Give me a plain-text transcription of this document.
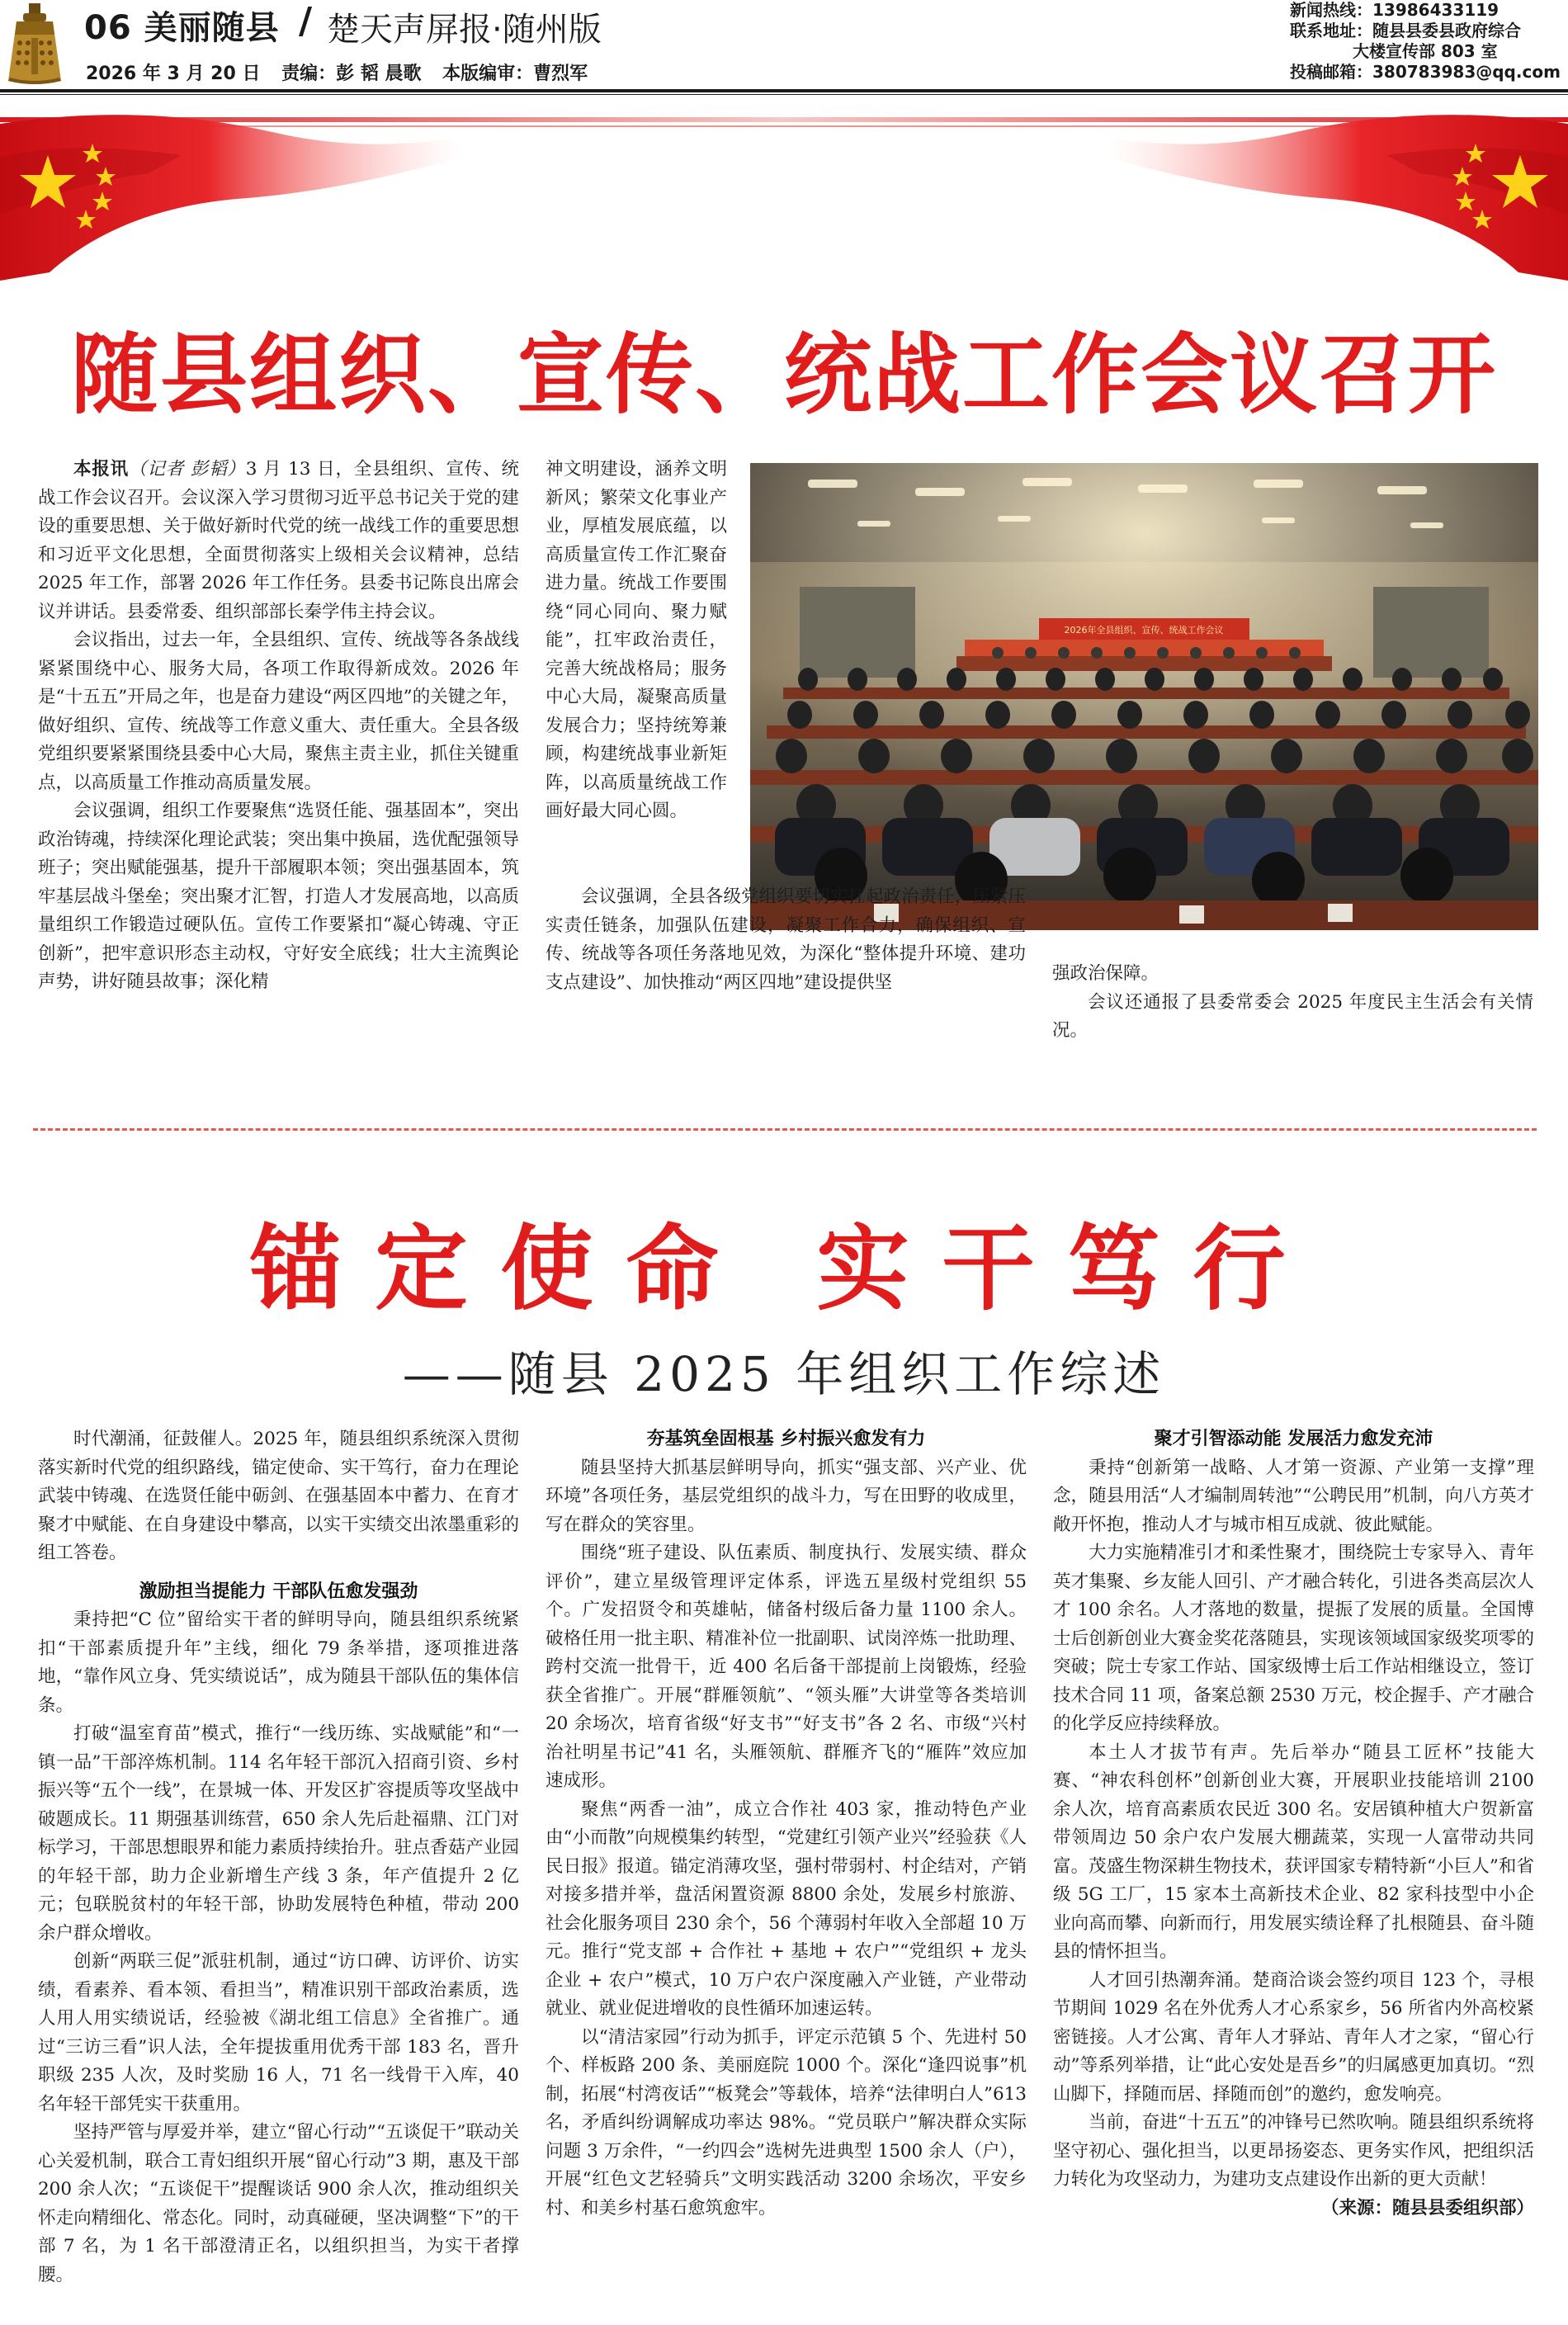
06 美丽随县 / 楚天声屏报·随州版
2026 年 3 月 20 日 责编：彭 韬 晨歌 本版编审：曹烈军
新闻热线：13986433119
联系地址：随县县委县政府综合
大楼宣传部 803 室
投稿邮箱：380783983@qq.com
随县组织、宣传、统战工作会议召开

本报讯（记者 彭韬）3 月 13 日，全县组织、宣传、统战工作会议召开。会议深入学习贯彻习近平总书记关于党的建设的重要思想、关于做好新时代党的统一战线工作的重要思想和习近平文化思想，全面贯彻落实上级相关会议精神，总结 2025 年工作，部署 2026 年工作任务。县委书记陈良出席会议并讲话。县委常委、组织部部长秦学伟主持会议。

会议指出，过去一年，全县组织、宣传、统战等各条战线紧紧围绕中心、服务大局，各项工作取得新成效。2026 年是“十五五”开局之年，也是奋力建设“两区四地”的关键之年，做好组织、宣传、统战等工作意义重大、责任重大。全县各级党组织要紧紧围绕县委中心大局，聚焦主责主业，抓住关键重点，以高质量工作推动高质量发展。

会议强调，组织工作要聚焦“选贤任能、强基固本”，突出政治铸魂，持续深化理论武装；突出集中换届，选优配强领导班子；突出赋能强基，提升干部履职本领；突出强基固本，筑牢基层战斗堡垒；突出聚才汇智，打造人才发展高地，以高质量组织工作锻造过硬队伍。宣传工作要紧扣“凝心铸魂、守正创新”，把牢意识形态主动权，守好安全底线；壮大主流舆论声势，讲好随县故事；深化精

神文明建设，涵养文明新风；繁荣文化事业产业，厚植发展底蕴，以高质量宣传工作汇聚奋进力量。统战工作要围绕“同心同向、聚力赋能”，扛牢政治责任，完善大统战格局；服务中心大局，凝聚高质量发展合力；坚持统筹兼顾，构建统战事业新矩阵，以高质量统战工作画好最大同心圆。

2026年全县组织、宣传、统战工作会议

会议强调，全县各级党组织要切实扛起政治责任，压紧压实责任链条，加强队伍建设，凝聚工作合力，确保组织、宣传、统战等各项任务落地见效，为深化“整体提升环境、建功支点建设”、加快推动“两区四地”建设提供坚	强政治保障。

会议还通报了县委常委会 2025 年度民主生活会有关情况。

锚定使命 实干笃行
——随县 2025 年组织工作综述

时代潮涌，征鼓催人。2025 年，随县组织系统深入贯彻落实新时代党的组织路线，锚定使命、实干笃行，奋力在理论武装中铸魂、在选贤任能中砺剑、在强基固本中蓄力、在育才聚才中赋能、在自身建设中攀高，以实干实绩交出浓墨重彩的组工答卷。

激励担当提能力 干部队伍愈发强劲

秉持把“C 位”留给实干者的鲜明导向，随县组织系统紧扣“干部素质提升年”主线，细化 79 条举措，逐项推进落地，“靠作风立身、凭实绩说话”，成为随县干部队伍的集体信条。

打破“温室育苗”模式，推行“一线历练、实战赋能”和“一镇一品”干部淬炼机制。114 名年轻干部沉入招商引资、乡村振兴等“五个一线”，在景城一体、开发区扩容提质等攻坚战中破题成长。11 期强基训练营，650 余人先后赴福鼎、江门对标学习，干部思想眼界和能力素质持续抬升。驻点香菇产业园的年轻干部，助力企业新增生产线 3 条，年产值提升 2 亿元；包联脱贫村的年轻干部，协助发展特色种植，带动 200 余户群众增收。

创新“两联三促”派驻机制，通过“访口碑、访评价、访实绩，看素养、看本领、看担当”，精准识别干部政治素质，选人用人用实绩说话，经验被《湖北组工信息》全省推广。通过“三访三看”识人法，全年提拔重用优秀干部 183 名，晋升职级 235 人次，及时奖励 16 人，71 名一线骨干入库，40 名年轻干部凭实干获重用。

坚持严管与厚爱并举，建立“留心行动”“五谈促干”联动关心关爱机制，联合工青妇组织开展“留心行动”3 期，惠及干部 200 余人次；“五谈促干”提醒谈话 900 余人次，推动组织关怀走向精细化、常态化。同时，动真碰硬，坚决调整“下”的干部 7 名，为 1 名干部澄清正名，以组织担当，为实干者撑腰。

夯基筑垒固根基 乡村振兴愈发有力

随县坚持大抓基层鲜明导向，抓实“强支部、兴产业、优环境”各项任务，基层党组织的战斗力，写在田野的收成里，写在群众的笑容里。

围绕“班子建设、队伍素质、制度执行、发展实绩、群众评价”，建立星级管理评定体系，评选五星级村党组织 55 个。广发招贤令和英雄帖，储备村级后备力量 1100 余人。破格任用一批主职、精准补位一批副职、试岗淬炼一批助理、跨村交流一批骨干，近 400 名后备干部提前上岗锻炼，经验获全省推广。开展“群雁领航”、“领头雁”大讲堂等各类培训 20 余场次，培育省级“好支书”“好支书”各 2 名、市级“兴村治社明星书记”41 名，头雁领航、群雁齐飞的“雁阵”效应加速成形。

聚焦“两香一油”，成立合作社 403 家，推动特色产业由“小而散”向规模集约转型，“党建红引领产业兴”经验获《人民日报》报道。锚定消薄攻坚，强村带弱村、村企结对，产销对接多措并举，盘活闲置资源 8800 余处，发展乡村旅游、社会化服务项目 230 余个，56 个薄弱村年收入全部超 10 万元。推行“党支部 + 合作社 + 基地 + 农户”“党组织 + 龙头企业 + 农户”模式，10 万户农户深度融入产业链，产业带动就业、就业促进增收的良性循环加速运转。

以“清洁家园”行动为抓手，评定示范镇 5 个、先进村 50 个、样板路 200 条、美丽庭院 1000 个。深化“逢四说事”机制，拓展“村湾夜话”“板凳会”等载体，培养“法律明白人”613 名，矛盾纠纷调解成功率达 98%。“党员联户”解决群众实际问题 3 万余件，“一约四会”选树先进典型 1500 余人（户），开展“红色文艺轻骑兵”文明实践活动 3200 余场次，平安乡村、和美乡村基石愈筑愈牢。

聚才引智添动能 发展活力愈发充沛

秉持“创新第一战略、人才第一资源、产业第一支撑”理念，随县用活“人才编制周转池”“公聘民用”机制，向八方英才敞开怀抱，推动人才与城市相互成就、彼此赋能。

大力实施精准引才和柔性聚才，围绕院士专家导入、青年英才集聚、乡友能人回引、产才融合转化，引进各类高层次人才 100 余名。人才落地的数量，提振了发展的质量。全国博士后创新创业大赛金奖花落随县，实现该领域国家级奖项零的突破；院士专家工作站、国家级博士后工作站相继设立，签订技术合同 11 项，备案总额 2530 万元，校企握手、产才融合的化学反应持续释放。

本土人才拔节有声。先后举办“随县工匠杯”技能大赛、“神农科创杯”创新创业大赛，开展职业技能培训 2100 余人次，培育高素质农民近 300 名。安居镇种植大户贺新富带领周边 50 余户农户发展大棚蔬菜，实现一人富带动共同富。茂盛生物深耕生物技术，获评国家专精特新“小巨人”和省级 5G 工厂，15 家本土高新技术企业、82 家科技型中小企业向高而攀、向新而行，用发展实绩诠释了扎根随县、奋斗随县的情怀担当。

人才回引热潮奔涌。楚商洽谈会签约项目 123 个，寻根节期间 1029 名在外优秀人才心系家乡，56 所省内外高校紧密链接。人才公寓、青年人才驿站、青年人才之家，“留心行动”等系列举措，让“此心安处是吾乡”的归属感更加真切。“烈山脚下，择随而居、择随而创”的邀约，愈发响亮。

当前，奋进“十五五”的冲锋号已然吹响。随县组织系统将坚守初心、强化担当，以更昂扬姿态、更务实作风，把组织活力转化为攻坚动力，为建功支点建设作出新的更大贡献！
（来源：随县县委组织部）
